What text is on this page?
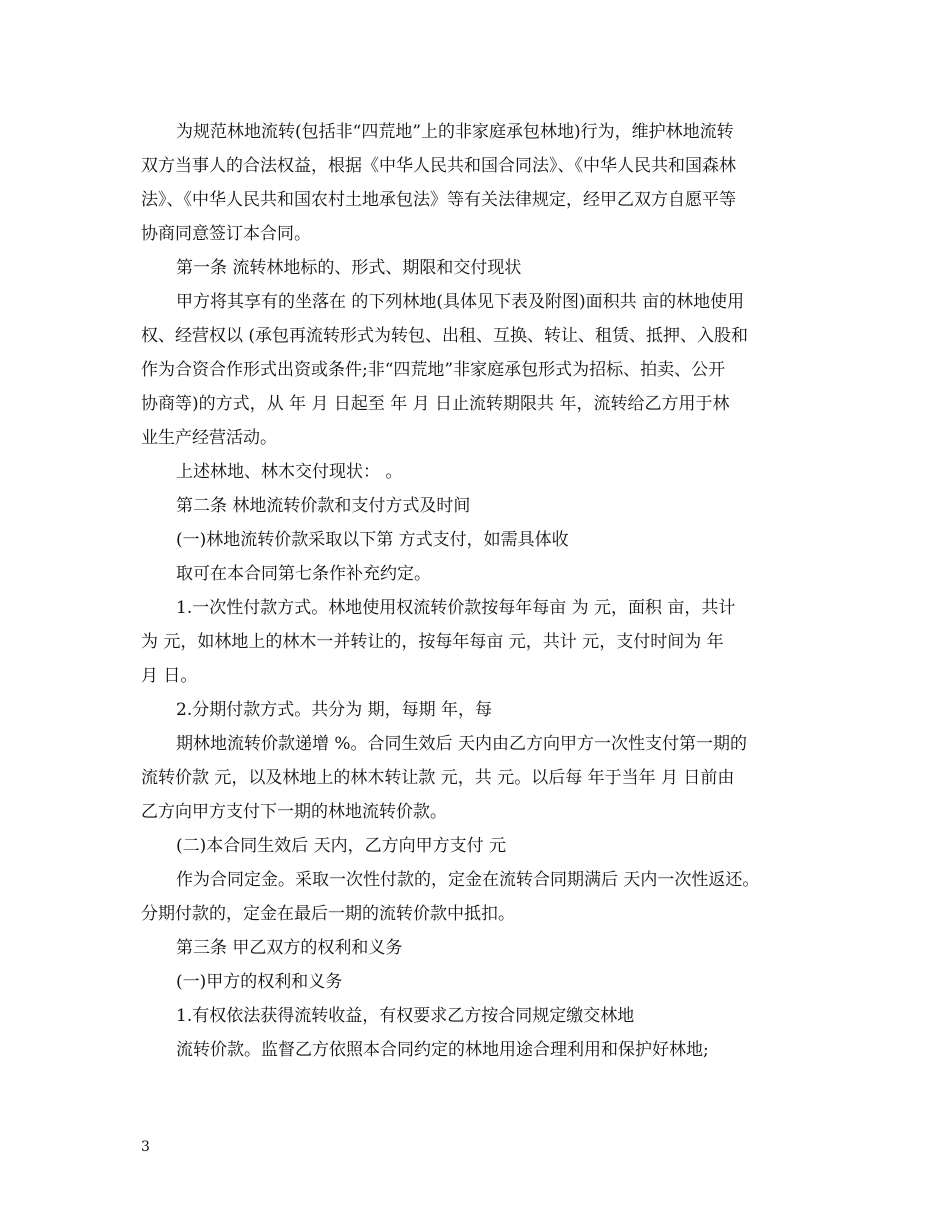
为规范林地流转(包括非“四荒地”上的非家庭承包林地)行为，维护林地流转
双方当事人的合法权益，根据《中华人民共和国合同法》、《中华人民共和国森林
法》、《中华人民共和国农村土地承包法》等有关法律规定，经甲乙双方自愿平等
协商同意签订本合同。
第一条 流转林地标的、形式、期限和交付现状
甲方将其享有的坐落在 的下列林地(具体见下表及附图)面积共 亩的林地使用
权、经营权以 (承包再流转形式为转包、出租、互换、转让、租赁、抵押、入股和
作为合资合作形式出资或条件;非“四荒地”非家庭承包形式为招标、拍卖、公开
协商等)的方式，从 年 月 日起至 年 月 日止流转期限共 年，流转给乙方用于林
业生产经营活动。
上述林地、林木交付现状： 。
第二条 林地流转价款和支付方式及时间
(一)林地流转价款采取以下第 方式支付，如需具体收
取可在本合同第七条作补充约定。
1.一次性付款方式。林地使用权流转价款按每年每亩 为 元，面积 亩，共计
为 元，如林地上的林木一并转让的，按每年每亩 元，共计 元，支付时间为 年
月 日。
2.分期付款方式。共分为 期，每期 年，每
期林地流转价款递增 %。合同生效后 天内由乙方向甲方一次性支付第一期的
流转价款 元，以及林地上的林木转让款 元，共 元。以后每 年于当年 月 日前由
乙方向甲方支付下一期的林地流转价款。
(二)本合同生效后 天内，乙方向甲方支付 元
作为合同定金。采取一次性付款的，定金在流转合同期满后 天内一次性返还。
分期付款的，定金在最后一期的流转价款中抵扣。
第三条 甲乙双方的权利和义务
(一)甲方的权利和义务
1.有权依法获得流转收益，有权要求乙方按合同规定缴交林地
流转价款。监督乙方依照本合同约定的林地用途合理利用和保护好林地;
3
